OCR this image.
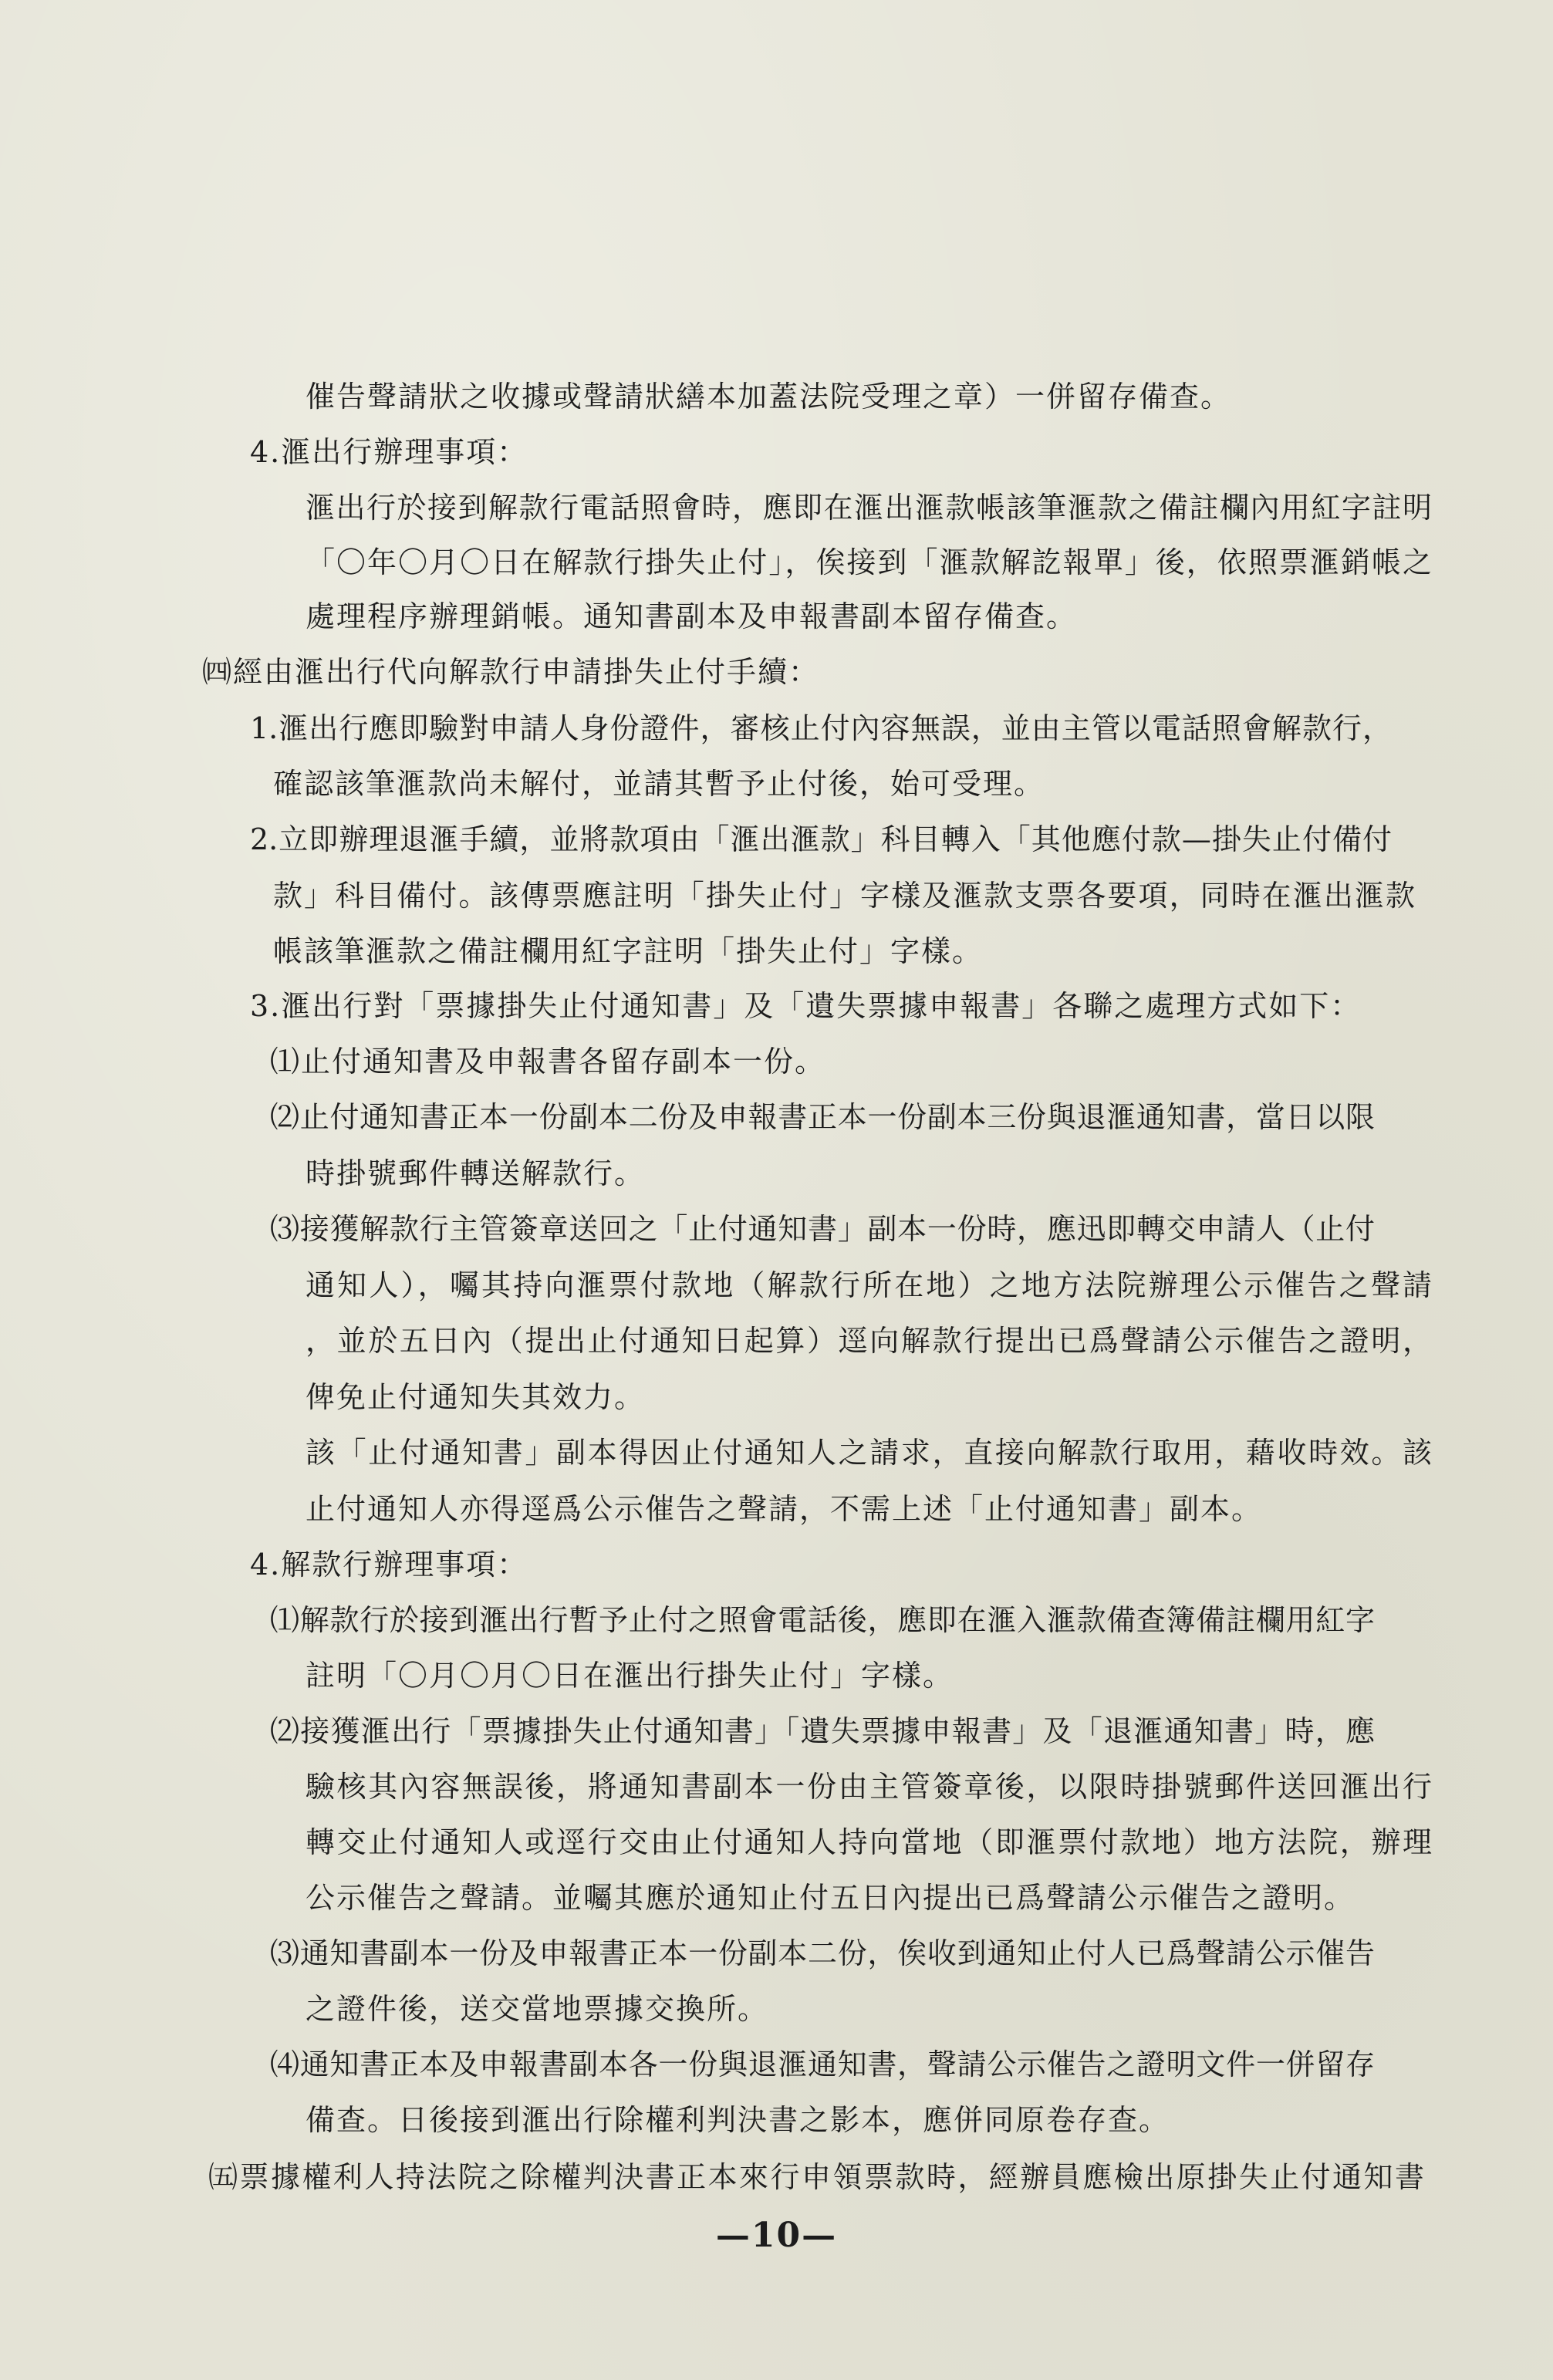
催告聲請狀之收據或聲請狀繕本加蓋法院受理之章）一併留存備查。
4.滙出行辦理事項：
滙出行於接到解款行電話照會時，應即在滙出滙款帳該筆滙款之備註欄內用紅字註明
「〇年〇月〇日在解款行掛失止付」，俟接到「滙款解訖報單」後，依照票滙銷帳之
處理程序辦理銷帳。通知書副本及申報書副本留存備查。
㈣經由滙出行代向解款行申請掛失止付手續：
1.滙出行應即驗對申請人身份證件，審核止付內容無誤，並由主管以電話照會解款行，
確認該筆滙款尚未解付，並請其暫予止付後，始可受理。
2.立即辦理退滙手續，並將款項由「滙出滙款」科目轉入「其他應付款—掛失止付備付
款」科目備付。該傳票應註明「掛失止付」字樣及滙款支票各要項，同時在滙出滙款
帳該筆滙款之備註欄用紅字註明「掛失止付」字樣。
3.滙出行對「票據掛失止付通知書」及「遺失票據申報書」各聯之處理方式如下：
⑴止付通知書及申報書各留存副本一份。
⑵止付通知書正本一份副本二份及申報書正本一份副本三份與退滙通知書，當日以限
時掛號郵件轉送解款行。
⑶接獲解款行主管簽章送回之「止付通知書」副本一份時，應迅即轉交申請人（止付
通知人），囑其持向滙票付款地（解款行所在地）之地方法院辦理公示催告之聲請
，並於五日內（提出止付通知日起算）逕向解款行提出已爲聲請公示催告之證明，
俾免止付通知失其效力。
該「止付通知書」副本得因止付通知人之請求，直接向解款行取用，藉收時效。該
止付通知人亦得逕爲公示催告之聲請，不需上述「止付通知書」副本。
4.解款行辦理事項：
⑴解款行於接到滙出行暫予止付之照會電話後，應即在滙入滙款備查簿備註欄用紅字
註明「〇月〇月〇日在滙出行掛失止付」字樣。
⑵接獲滙出行「票據掛失止付通知書」「遺失票據申報書」及「退滙通知書」時，應
驗核其內容無誤後，將通知書副本一份由主管簽章後，以限時掛號郵件送回滙出行
轉交止付通知人或逕行交由止付通知人持向當地（即滙票付款地）地方法院，辦理
公示催告之聲請。並囑其應於通知止付五日內提出已爲聲請公示催告之證明。
⑶通知書副本一份及申報書正本一份副本二份，俟收到通知止付人已爲聲請公示催告
之證件後，送交當地票據交換所。
⑷通知書正本及申報書副本各一份與退滙通知書，聲請公示催告之證明文件一併留存
備查。日後接到滙出行除權利判決書之影本，應併同原卷存查。
㈤票據權利人持法院之除權判決書正本來行申領票款時，經辦員應檢出原掛失止付通知書
—10—
